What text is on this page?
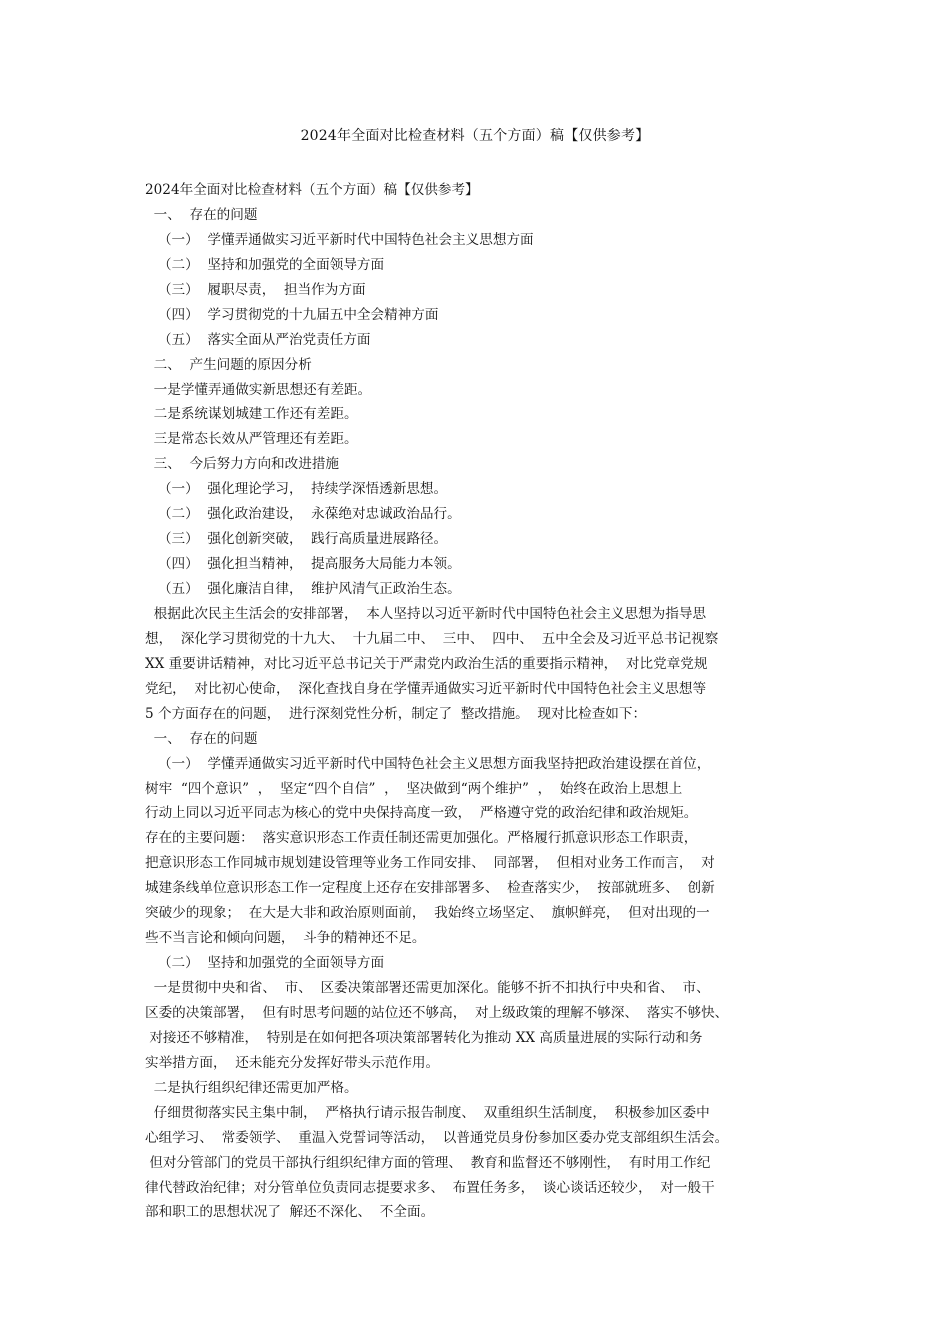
2024年全面对比检查材料（五个方面）稿【仅供参考】
2024年全面对比检查材料（五个方面）稿【仅供参考】
一、  存在的问题
（一）  学懂弄通做实习近平新时代中国特色社会主义思想方面
（二）  坚持和加强党的全面领导方面
（三）  履职尽责，  担当作为方面
（四）  学习贯彻党的十九届五中全会精神方面
（五）  落实全面从严治党责任方面
二、  产生问题的原因分析
一是学懂弄通做实新思想还有差距。
二是系统谋划城建工作还有差距。
三是常态长效从严管理还有差距。
三、  今后努力方向和改进措施
（一）  强化理论学习，  持续学深悟透新思想。
（二）  强化政治建设，  永葆绝对忠诚政治品行。
（三）  强化创新突破，  践行高质量进展路径。
（四）  强化担当精神，  提高服务大局能力本领。
（五）  强化廉洁自律，  维护风清气正政治生态。
根据此次民主生活会的安排部署，  本人坚持以习近平新时代中国特色社会主义思想为指导思
想，  深化学习贯彻党的十九大、  十九届二中、  三中、  四中、  五中全会及习近平总书记视察
XX 重要讲话精神，对比习近平总书记关于严肃党内政治生活的重要指示精神，  对比党章党规
党纪，  对比初心使命，  深化查找自身在学懂弄通做实习近平新时代中国特色社会主义思想等
5 个方面存在的问题，  进行深刻党性分析，制定了  整改措施。  现对比检查如下：
一、  存在的问题
（一）  学懂弄通做实习近平新时代中国特色社会主义思想方面我坚持把政治建设摆在首位，
树牢  “四个意识”  ，  坚定“四个自信”  ，  坚决做到“两个维护”  ，  始终在政治上思想上
行动上同以习近平同志为核心的党中央保持高度一致，  严格遵守党的政治纪律和政治规矩。
存在的主要问题：  落实意识形态工作责任制还需更加强化。严格履行抓意识形态工作职责，
把意识形态工作同城市规划建设管理等业务工作同安排、  同部署，  但相对业务工作而言，  对
城建条线单位意识形态工作一定程度上还存在安排部署多、  检查落实少，  按部就班多、  创新
突破少的现象；  在大是大非和政治原则面前，  我始终立场坚定、  旗帜鲜亮，  但对出现的一
些不当言论和倾向问题，  斗争的精神还不足。
（二）  坚持和加强党的全面领导方面
一是贯彻中央和省、  市、  区委决策部署还需更加深化。能够不折不扣执行中央和省、  市、
区委的决策部署，  但有时思考问题的站位还不够高，  对上级政策的理解不够深、  落实不够快、
对接还不够精准，  特别是在如何把各项决策部署转化为推动 XX 高质量进展的实际行动和务
实举措方面，  还未能充分发挥好带头示范作用。
二是执行组织纪律还需更加严格。
仔细贯彻落实民主集中制，  严格执行请示报告制度、  双重组织生活制度，  积极参加区委中
心组学习、  常委领学、  重温入党誓词等活动，  以普通党员身份参加区委办党支部组织生活会。
但对分管部门的党员干部执行组织纪律方面的管理、  教育和监督还不够刚性，  有时用工作纪
律代替政治纪律；对分管单位负责同志提要求多、  布置任务多，  谈心谈话还较少，  对一般干
部和职工的思想状况了  解还不深化、  不全面。
